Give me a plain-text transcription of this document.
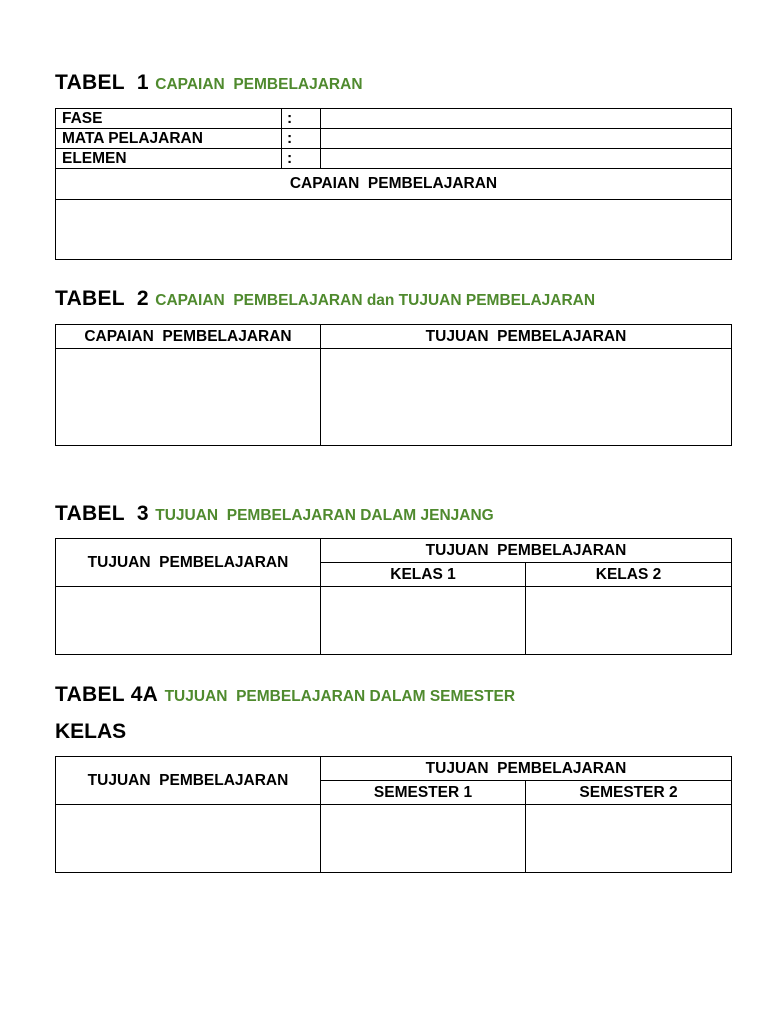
TABEL  1 CAPAIAN  PEMBELAJARAN
FASE	:	
MATA PELAJARAN	:	
ELEMEN	:	
CAPAIAN  PEMBELAJARAN		

TABEL  2 CAPAIAN  PEMBELAJARAN dan TUJUAN PEMBELAJARAN
CAPAIAN  PEMBELAJARAN	TUJUAN  PEMBELAJARAN

TABEL  3 TUJUAN  PEMBELAJARAN DALAM JENJANG
TUJUAN  PEMBELAJARAN	TUJUAN  PEMBELAJARAN	
	KELAS 1	KELAS 2

TABEL 4A TUJUAN  PEMBELAJARAN DALAM SEMESTER
KELAS
TUJUAN  PEMBELAJARAN	TUJUAN  PEMBELAJARAN	
	SEMESTER 1	SEMESTER 2
